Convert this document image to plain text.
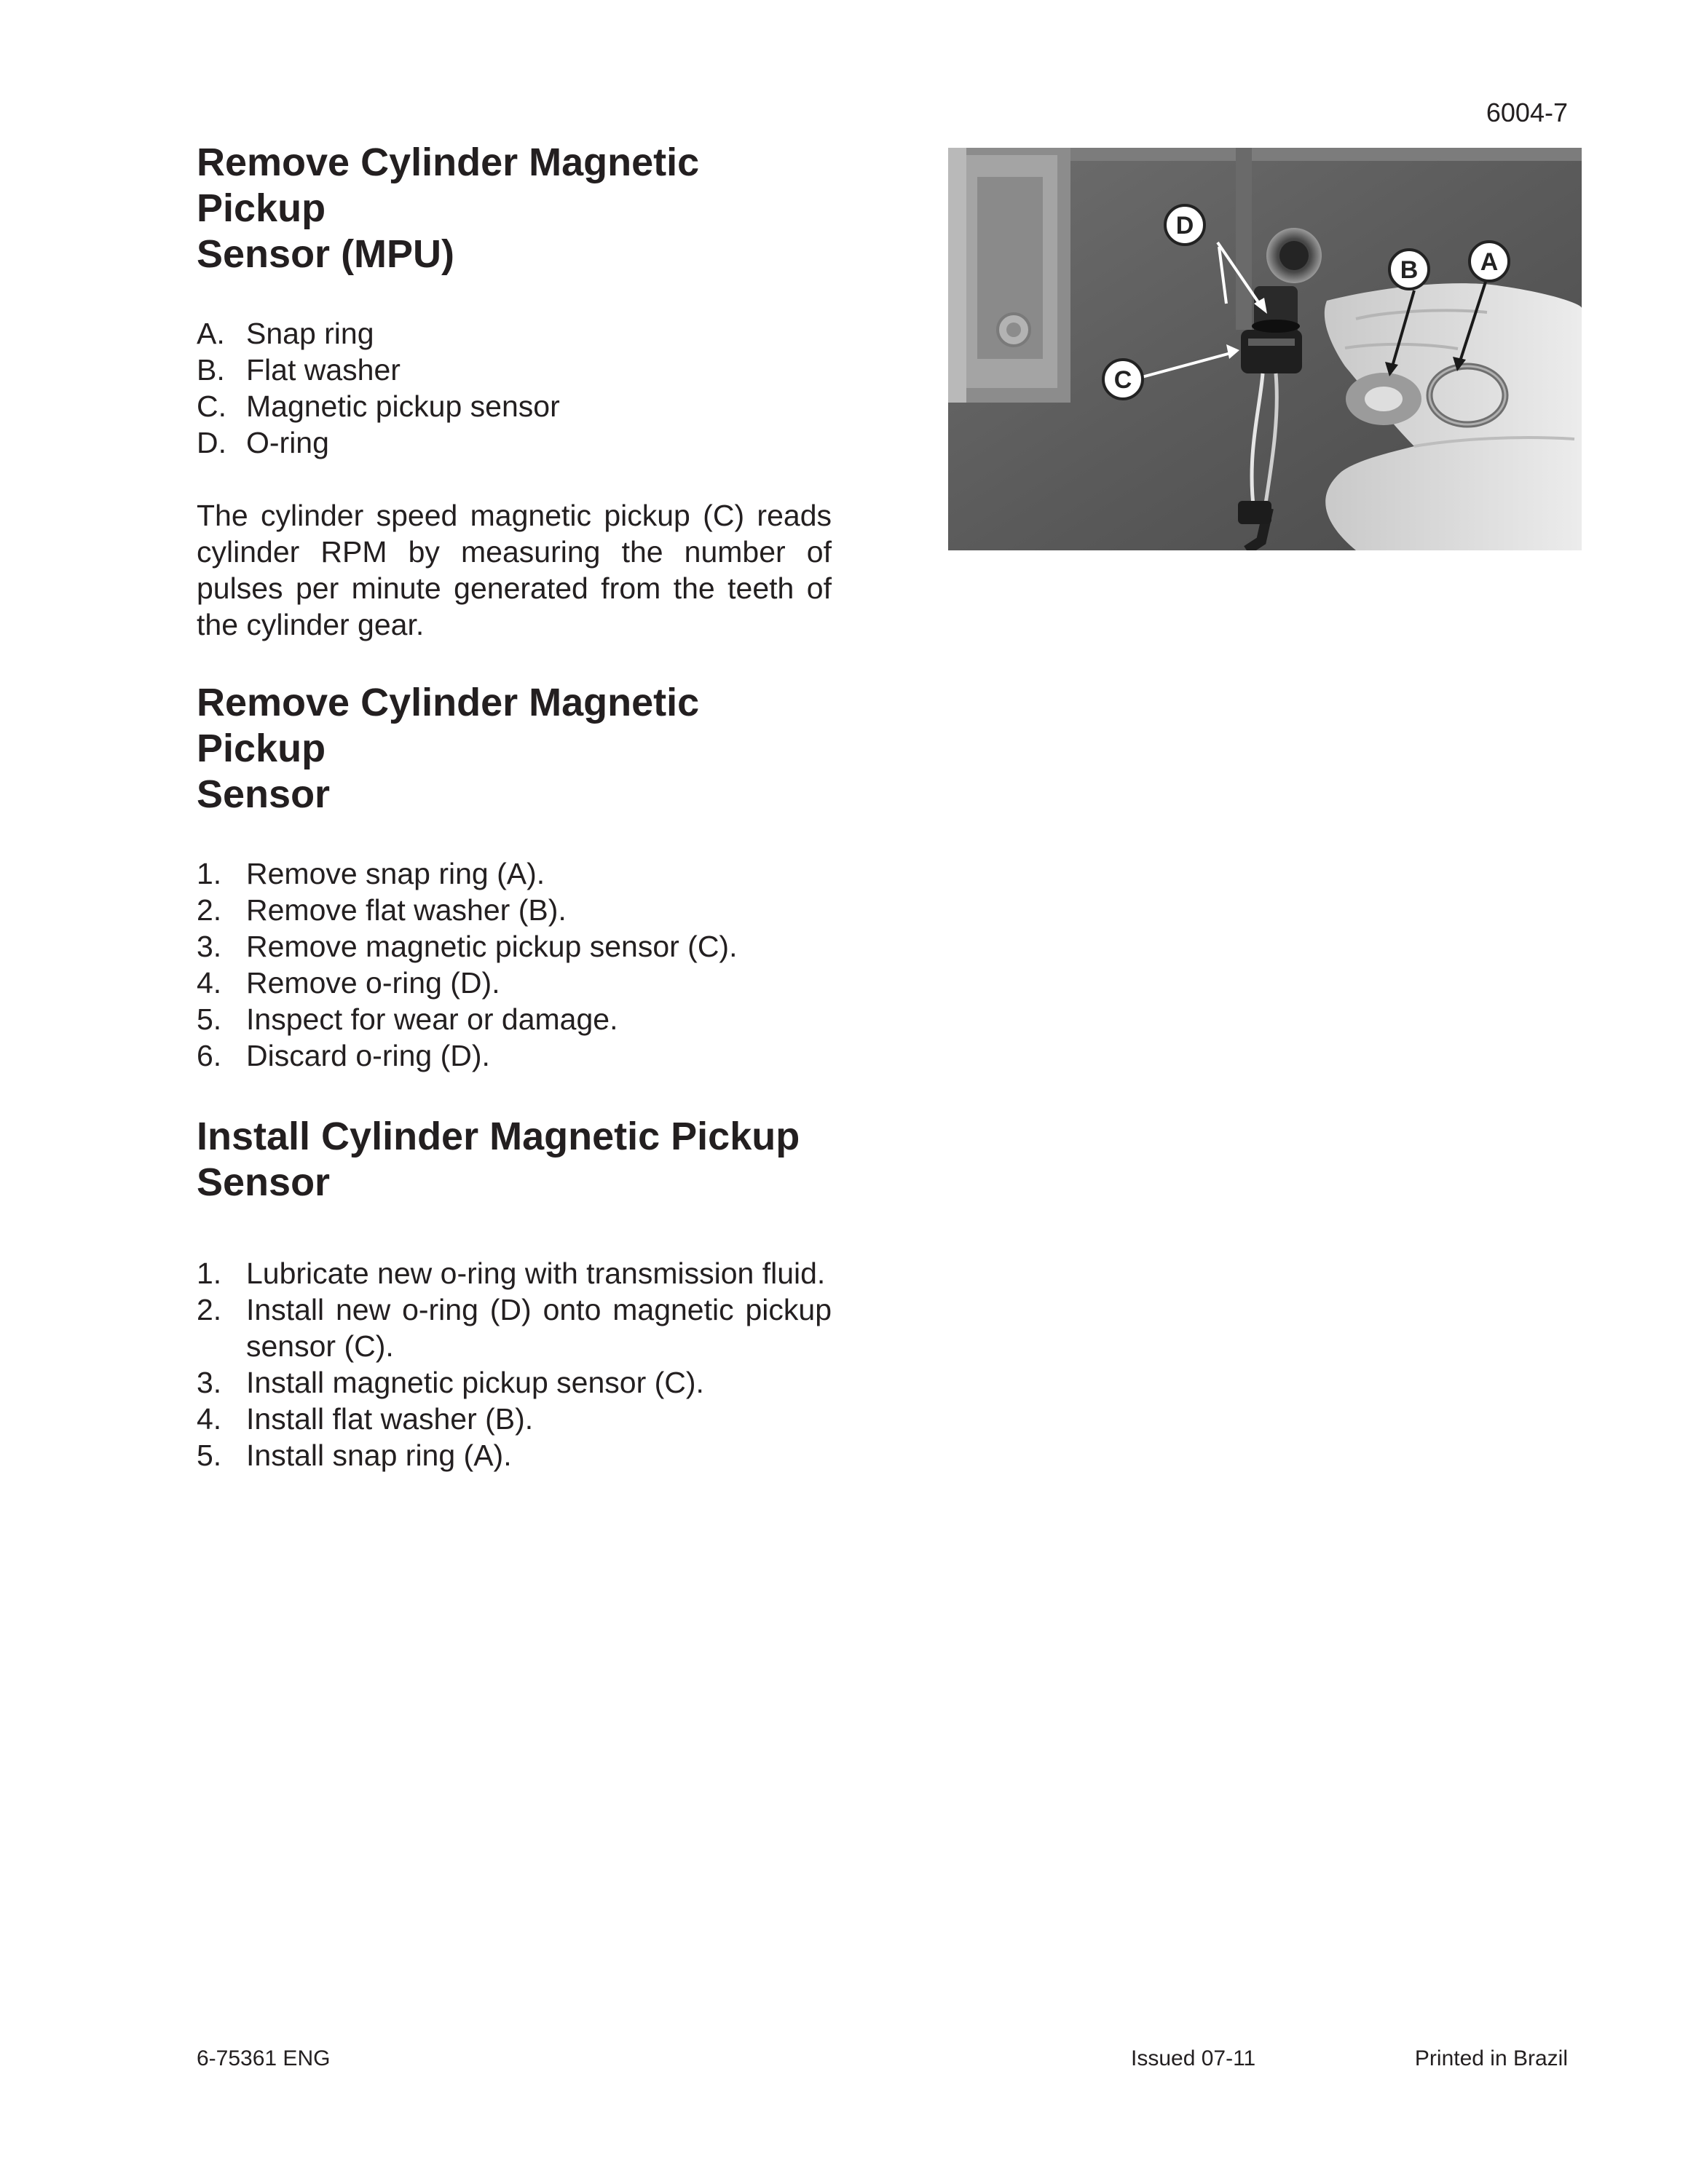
6004-7
Remove Cylinder Magnetic Pickup
Sensor (MPU)
A. Snap ring
B. Flat washer
C. Magnetic pickup sensor
D. O-ring

The cylinder speed magnetic pickup (C) reads cylinder RPM by measuring the number of pulses per minute generated from the teeth of the cylinder gear.

D
C
B	A
Remove Cylinder Magnetic Pickup
Sensor
1. Remove snap ring (A).
2. Remove flat washer (B).
3. Remove magnetic pickup sensor (C).
4. Remove o-ring (D).
5. Inspect for wear or damage.
6. Discard o-ring (D).
Install Cylinder Magnetic Pickup
Sensor
1. Lubricate new o-ring with transmission fluid.
2. Install new o-ring (D) onto magnetic pickup sensor (C).
3. Install magnetic pickup sensor (C).
4. Install flat washer (B).
5. Install snap ring (A).
6-75361 ENG	Issued 07-11	Printed in Brazil
